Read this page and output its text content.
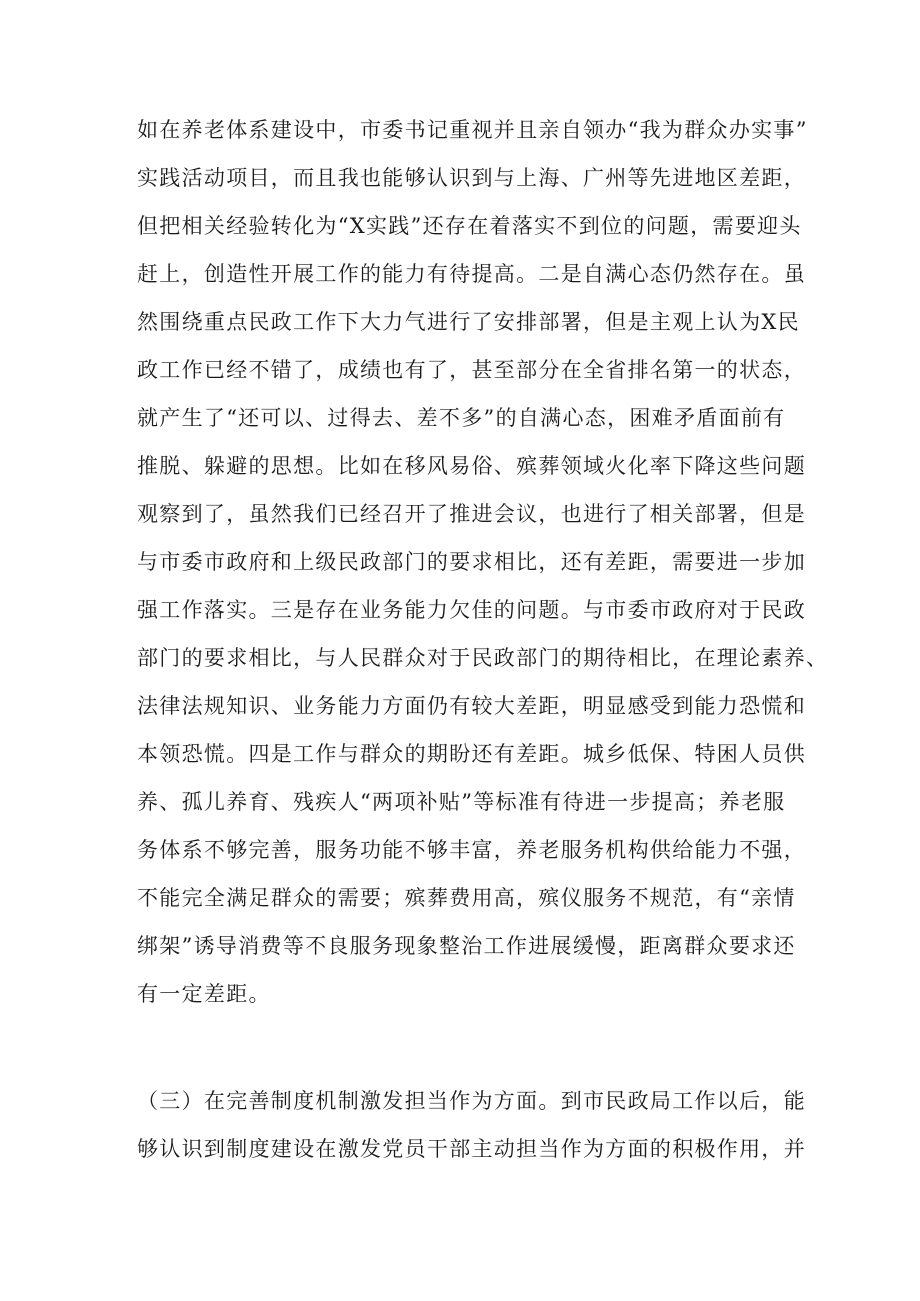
如在养老体系建设中，市委书记重视并且亲自领办“我为群众办实事”
实践活动项目，而且我也能够认识到与上海、广州等先进地区差距，
但把相关经验转化为“X实践”还存在着落实不到位的问题，需要迎头
赶上，创造性开展工作的能力有待提高。二是自满心态仍然存在。虽
然围绕重点民政工作下大力气进行了安排部署，但是主观上认为X民
政工作已经不错了，成绩也有了，甚至部分在全省排名第一的状态，
就产生了“还可以、过得去、差不多”的自满心态，困难矛盾面前有
推脱、躲避的思想。比如在移风易俗、殡葬领域火化率下降这些问题
观察到了，虽然我们已经召开了推进会议，也进行了相关部署，但是
与市委市政府和上级民政部门的要求相比，还有差距，需要进一步加
强工作落实。三是存在业务能力欠佳的问题。与市委市政府对于民政
部门的要求相比，与人民群众对于民政部门的期待相比，在理论素养、
法律法规知识、业务能力方面仍有较大差距，明显感受到能力恐慌和
本领恐慌。四是工作与群众的期盼还有差距。城乡低保、特困人员供
养、孤儿养育、残疾人“两项补贴”等标准有待进一步提高；养老服
务体系不够完善，服务功能不够丰富，养老服务机构供给能力不强，
不能完全满足群众的需要；殡葬费用高，殡仪服务不规范，有“亲情
绑架”诱导消费等不良服务现象整治工作进展缓慢，距离群众要求还
有一定差距。
（三）在完善制度机制激发担当作为方面。到市民政局工作以后，能
够认识到制度建设在激发党员干部主动担当作为方面的积极作用，并
